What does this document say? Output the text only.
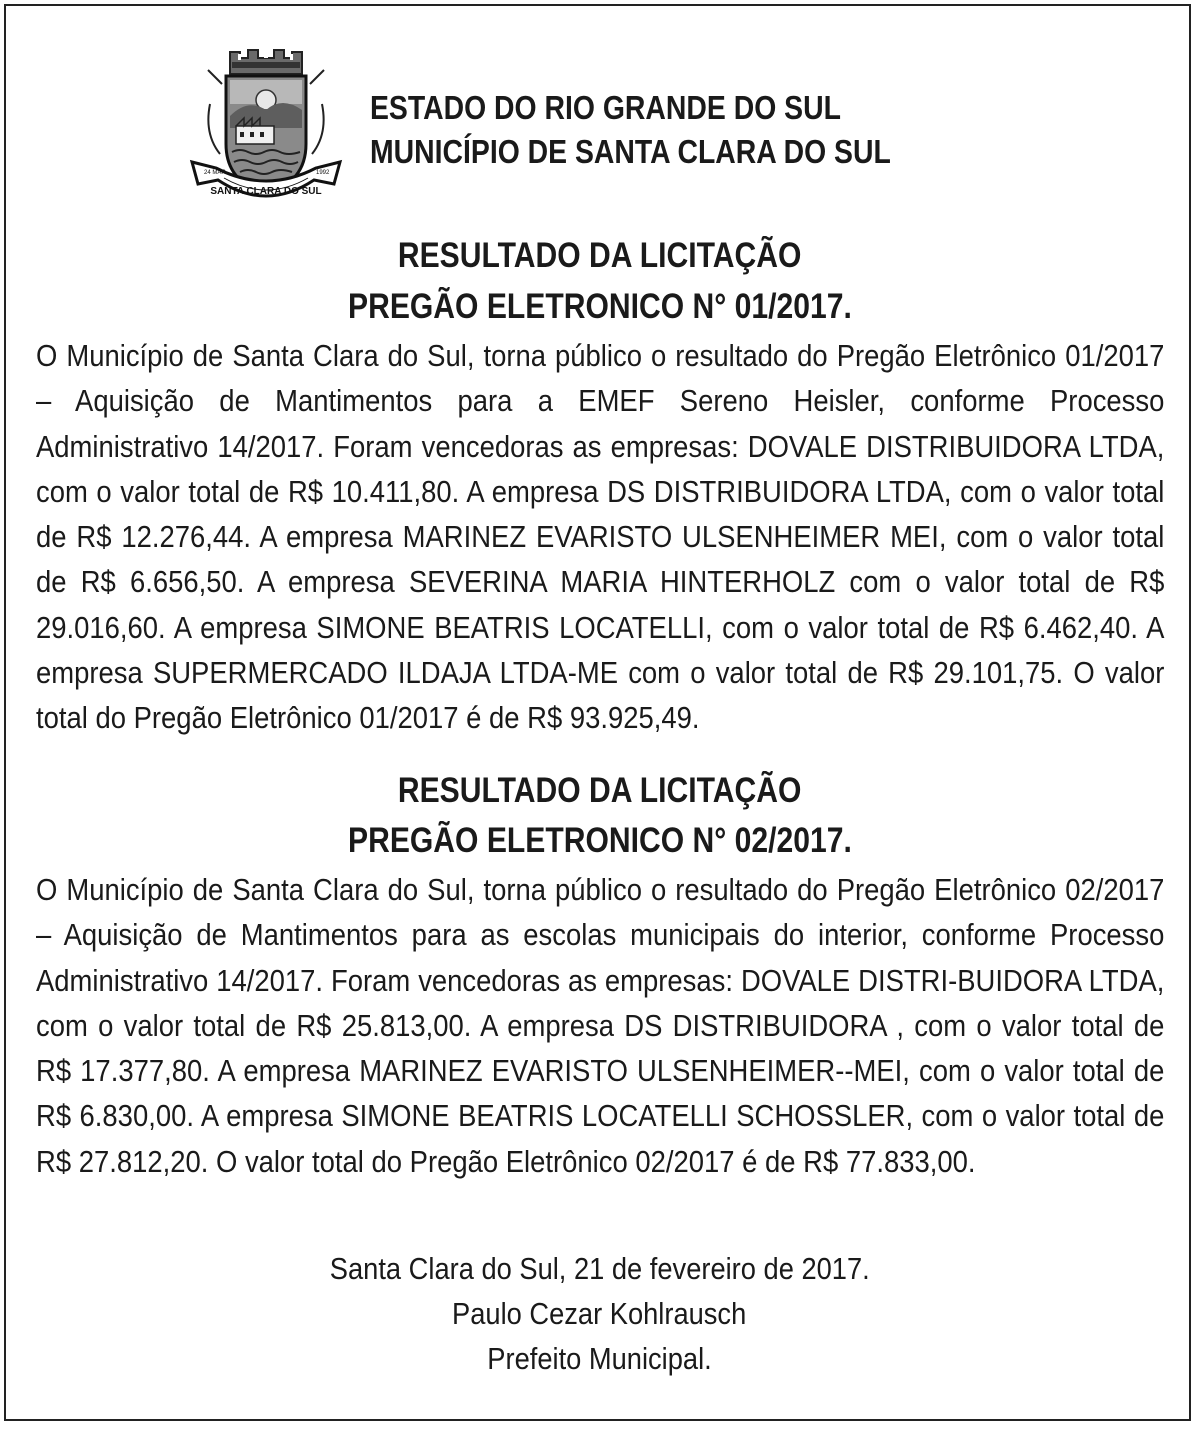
SANTA CLARA DO SUL
24 MAR	1992
ESTADO DO RIO GRANDE DO SUL
MUNICÍPIO DE SANTA CLARA DO SUL
RESULTADO DA LICITAÇÃO
PREGÃO ELETRONICO N° 01/2017.
O Município de Santa Clara do Sul, torna público o resultado do Pregão Eletrônico 01/2017 – Aquisição de Mantimentos para a EMEF Sereno Heisler, conforme Processo Administrativo 14/2017. Foram vencedoras as empresas: DOVALE DISTRIBUIDORA LTDA, com o valor total de R$ 10.411,80. A empresa DS DISTRIBUIDORA LTDA, com o valor total de R$ 12.276,44. A empresa MARINEZ EVARISTO ULSENHEIMER MEI, com o valor total de R$ 6.656,50. A empresa SEVERINA MARIA HINTERHOLZ com o valor total de R$ 29.016,60. A empresa SIMONE BEATRIS LOCATELLI, com o valor total de R$ 6.462,40. A empresa SUPERMERCADO ILDAJA LTDA-ME com o valor total de R$ 29.101,75. O valor total do Pregão Eletrônico 01/2017 é de R$ 93.925,49.
RESULTADO DA LICITAÇÃO
PREGÃO ELETRONICO N° 02/2017.
O Município de Santa Clara do Sul, torna público o resultado do Pregão Eletrônico 02/2017 – Aquisição de Mantimentos para as escolas municipais do interior, conforme Processo Administrativo 14/2017. Foram vencedoras as empresas: DOVALE DISTRI-BUIDORA LTDA, com o valor total de R$ 25.813,00. A empresa DS DISTRIBUIDORA , com o valor total de R$ 17.377,80. A empresa MARINEZ EVARISTO ULSENHEIMER--MEI, com o valor total de R$ 6.830,00. A empresa SIMONE BEATRIS LOCATELLI SCHOSSLER, com o valor total de R$ 27.812,20. O valor total do Pregão Eletrônico 02/2017 é de R$ 77.833,00.
Santa Clara do Sul, 21 de fevereiro de 2017.
Paulo Cezar Kohlrausch
Prefeito Municipal.
